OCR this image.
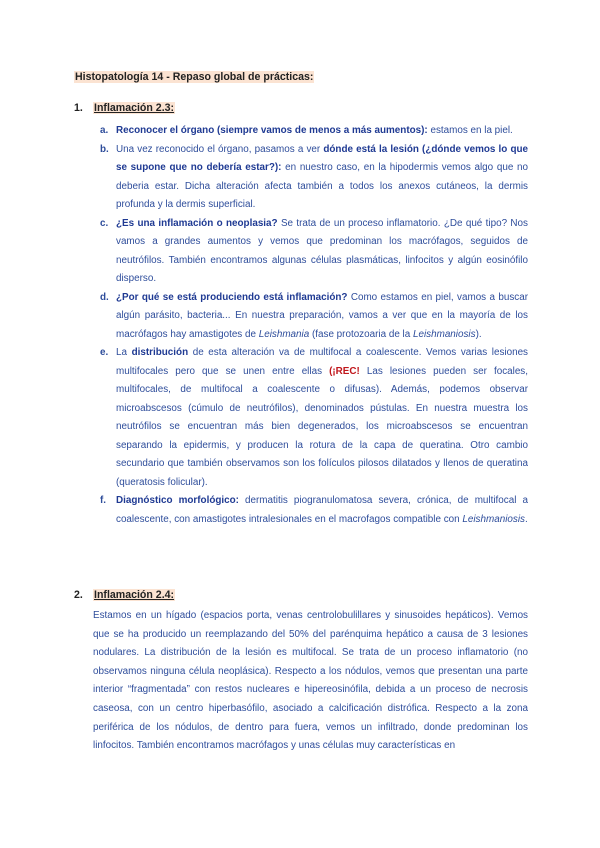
Histopatología 14 - Repaso global de prácticas:
1. Inflamación 2.3:
a. Reconocer el órgano (siempre vamos de menos a más aumentos): estamos en la piel.
b. Una vez reconocido el órgano, pasamos a ver dónde está la lesión (¿dónde vemos lo que se supone que no debería estar?): en nuestro caso, en la hipodermis vemos algo que no deberia estar. Dicha alteración afecta también a todos los anexos cutáneos, la dermis profunda y la dermis superficial.
c. ¿Es una inflamación o neoplasia? Se trata de un proceso inflamatorio. ¿De qué tipo? Nos vamos a grandes aumentos y vemos que predominan los macrófagos, seguidos de neutrófilos. También encontramos algunas células plasmáticas, linfocitos y algún eosinófilo disperso.
d. ¿Por qué se está produciendo está inflamación? Como estamos en piel, vamos a buscar algún parásito, bacteria... En nuestra preparación, vamos a ver que en la mayoría de los macrófagos hay amastigotes de Leishmania (fase protozoaria de la Leishmaniosis).
e. La distribución de esta alteración va de multifocal a coalescente. Vemos varias lesiones multifocales pero que se unen entre ellas (¡REC! Las lesiones pueden ser focales, multifocales, de multifocal a coalescente o difusas). Además, podemos observar microabscesos (cúmulo de neutrófilos), denominados pústulas. En nuestra muestra los neutrófilos se encuentran más bien degenerados, los microabscesos se encuentran separando la epidermis, y producen la rotura de la capa de queratina. Otro cambio secundario que también observamos son los folículos pilosos dilatados y llenos de queratina (queratosis folicular).
f. Diagnóstico morfológico: dermatitis piogranulomatosa severa, crónica, de multifocal a coalescente, con amastigotes intralesionales en el macrofagos compatible con Leishmaniosis.
2. Inflamación 2.4:
Estamos en un hígado (espacios porta, venas centrolobulillares y sinusoides hepáticos). Vemos que se ha producido un reemplazando del 50% del parénquima hepático a causa de 3 lesiones nodulares. La distribución de la lesión es multifocal. Se trata de un proceso inflamatorio (no observamos ninguna célula neoplásica). Respecto a los nódulos, vemos que presentan una parte interior “fragmentada” con restos nucleares e hipereosinófila, debida a un proceso de necrosis caseosa, con un centro hiperbasófilo, asociado a calcificación distrófica. Respecto a la zona periférica de los nódulos, de dentro para fuera, vemos un infiltrado, donde predominan los linfocitos. También encontramos macrófagos y unas células muy características en
